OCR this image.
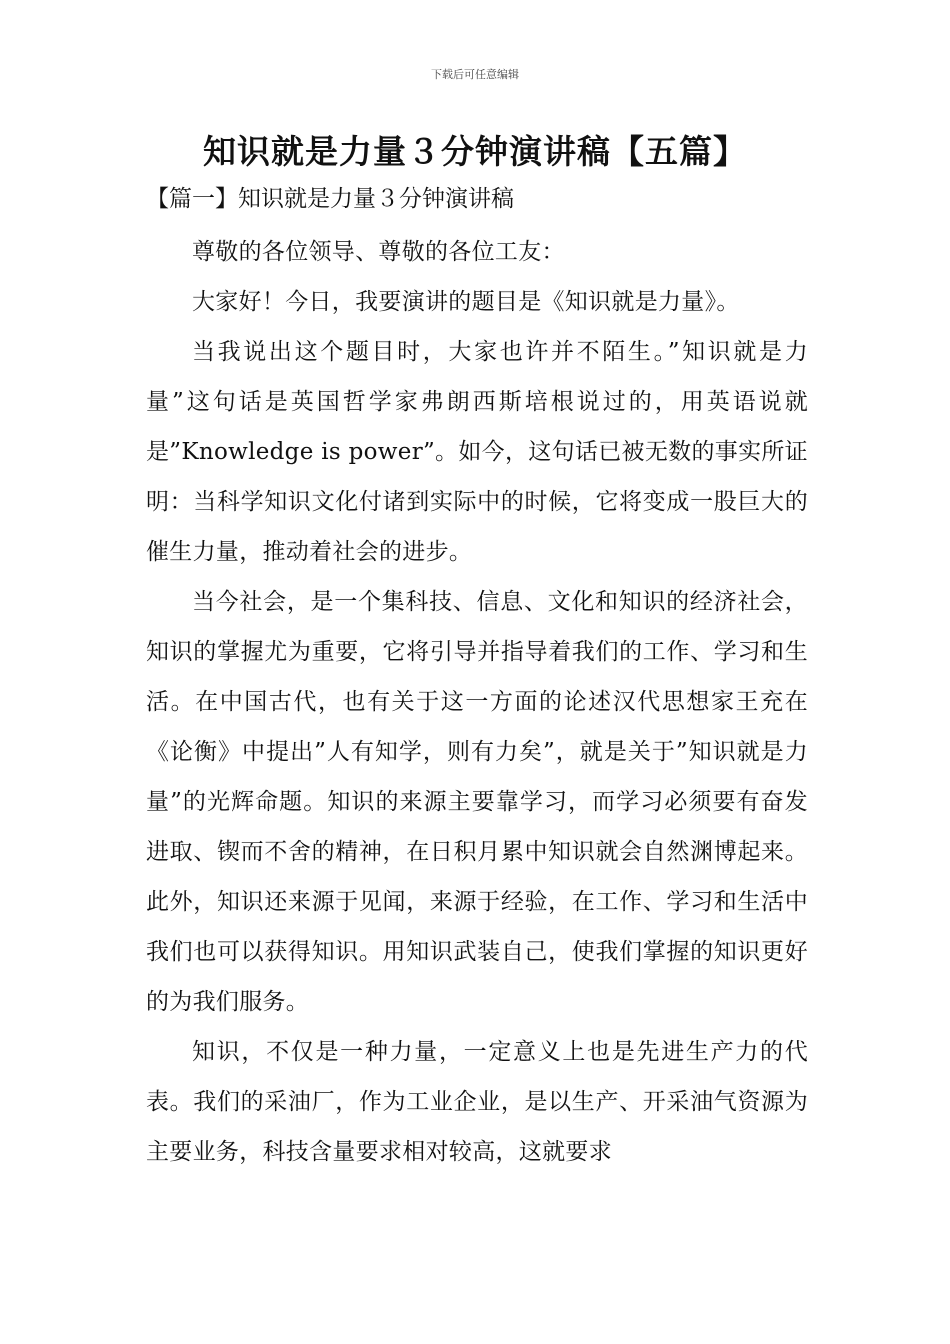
下载后可任意编辑
知识就是力量３分钟演讲稿【五篇】
【篇一】知识就是力量３分钟演讲稿

尊敬的各位领导、尊敬的各位工友：

大家好！今日，我要演讲的题目是《知识就是力量》。

当我说出这个题目时，大家也许并不陌生。”知识就是力量”这句话是英国哲学家弗朗西斯培根说过的，用英语说就是”Knowledge is power”。如今，这句话已被无数的事实所证明：当科学知识文化付诸到实际中的时候，它将变成一股巨大的催生力量，推动着社会的进步。

当今社会，是一个集科技、信息、文化和知识的经济社会，知识的掌握尤为重要，它将引导并指导着我们的工作、学习和生活。在中国古代，也有关于这一方面的论述汉代思想家王充在《论衡》中提出”人有知学，则有力矣”，就是关于”知识就是力量”的光辉命题。知识的来源主要靠学习，而学习必须要有奋发进取、锲而不舍的精神，在日积月累中知识就会自然渊博起来。此外，知识还来源于见闻，来源于经验，在工作、学习和生活中我们也可以获得知识。用知识武装自己，使我们掌握的知识更好的为我们服务。

知识，不仅是一种力量，一定意义上也是先进生产力的代表。我们的采油厂，作为工业企业，是以生产、开采油气资源为主要业务，科技含量要求相对较高，这就要求
